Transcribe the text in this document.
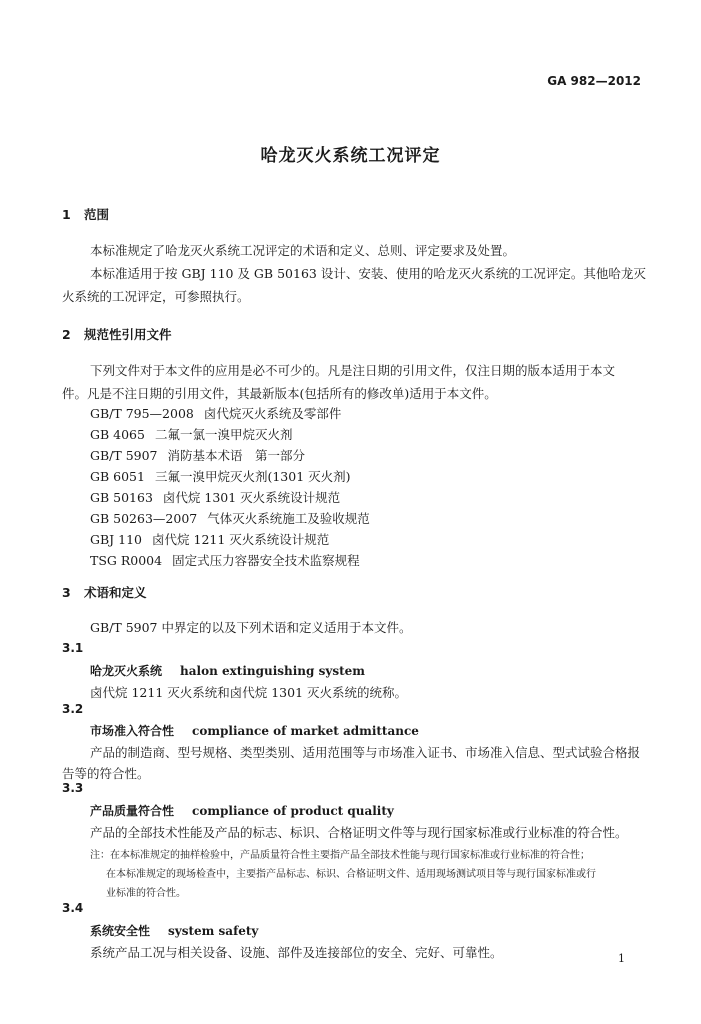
GA 982—2012
哈龙灭火系统工况评定
1 范围
本标准规定了哈龙灭火系统工况评定的术语和定义、总则、评定要求及处置。
本标准适用于按 GBJ 110 及 GB 50163 设计、安装、使用的哈龙灭火系统的工况评定。其他哈龙灭
火系统的工况评定，可参照执行。
2 规范性引用文件
下列文件对于本文件的应用是必不可少的。凡是注日期的引用文件，仅注日期的版本适用于本文
件。凡是不注日期的引用文件，其最新版本(包括所有的修改单)适用于本文件。
GB/T 795—2008 卤代烷灭火系统及零部件
GB 4065 二氟一氯一溴甲烷灭火剂
GB/T 5907 消防基本术语　第一部分
GB 6051 三氟一溴甲烷灭火剂(1301 灭火剂)
GB 50163 卤代烷 1301 灭火系统设计规范
GB 50263—2007 气体灭火系统施工及验收规范
GBJ 110 卤代烷 1211 灭火系统设计规范
TSG R0004 固定式压力容器安全技术监察规程
3 术语和定义
GB/T 5907 中界定的以及下列术语和定义适用于本文件。
3.1
哈龙灭火系统 halon extinguishing system
卤代烷 1211 灭火系统和卤代烷 1301 灭火系统的统称。
3.2
市场准入符合性 compliance of market admittance
产品的制造商、型号规格、类型类别、适用范围等与市场准入证书、市场准入信息、型式试验合格报
告等的符合性。
3.3
产品质量符合性 compliance of product quality
产品的全部技术性能及产品的标志、标识、合格证明文件等与现行国家标准或行业标准的符合性。
注：在本标准规定的抽样检验中，产品质量符合性主要指产品全部技术性能与现行国家标准或行业标准的符合性；
在本标准规定的现场检查中，主要指产品标志、标识、合格证明文件、适用现场测试项目等与现行国家标准或行
业标准的符合性。
3.4
系统安全性 system safety
系统产品工况与相关设备、设施、部件及连接部位的安全、完好、可靠性。	1
